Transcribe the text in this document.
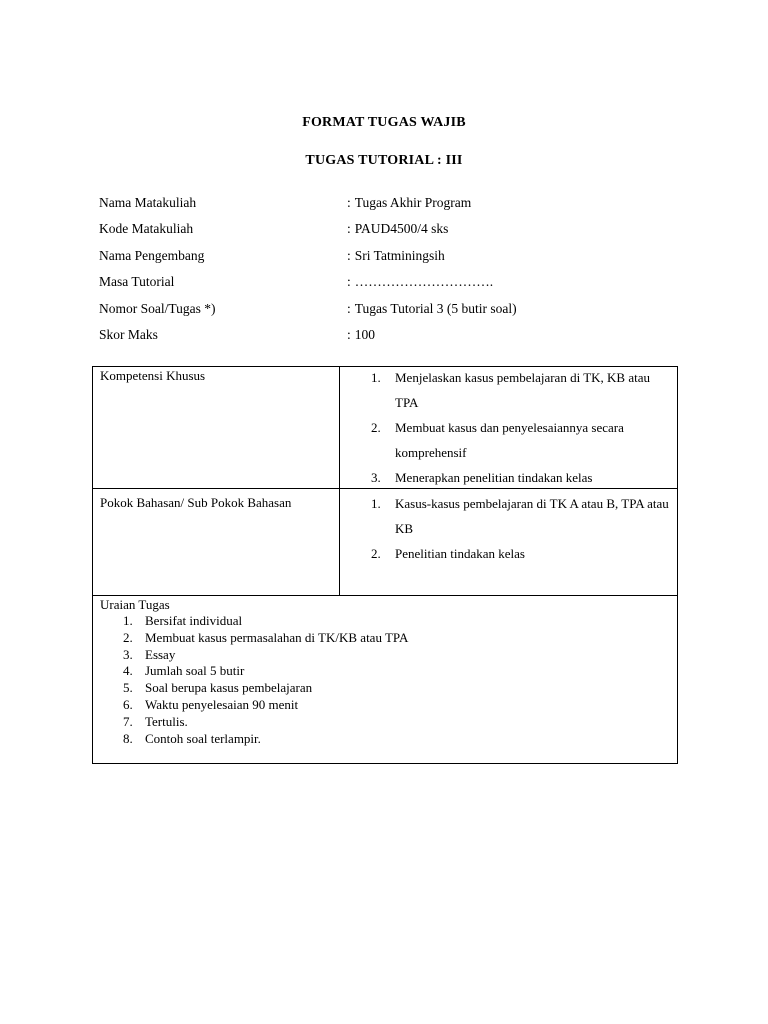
FORMAT TUGAS WAJIB
TUGAS TUTORIAL : III
Nama Matakuliah	: Tugas Akhir Program
Kode Matakuliah	: PAUD4500/4 sks
Nama Pengembang	: Sri Tatminingsih
Masa Tutorial	: ………………………….
Nomor Soal/Tugas *)	: Tugas Tutorial 3 (5 butir soal)
Skor Maks	: 100
Kompetensi Khusus	1. Menjelaskan kasus pembelajaran di TK, KB atau TPA
2. Membuat kasus dan penyelesaiannya secara komprehensif
3. Menerapkan penelitian tindakan kelas
Pokok Bahasan/ Sub Pokok Bahasan	1. Kasus-kasus pembelajaran di TK A atau B, TPA atau KB
2. Penelitian tindakan kelas
Uraian Tugas
1. Bersifat individual
2. Membuat kasus permasalahan di TK/KB atau TPA
3. Essay
4. Jumlah soal 5 butir
5. Soal berupa kasus pembelajaran
6. Waktu penyelesaian 90 menit
7. Tertulis.
8. Contoh soal terlampir.
